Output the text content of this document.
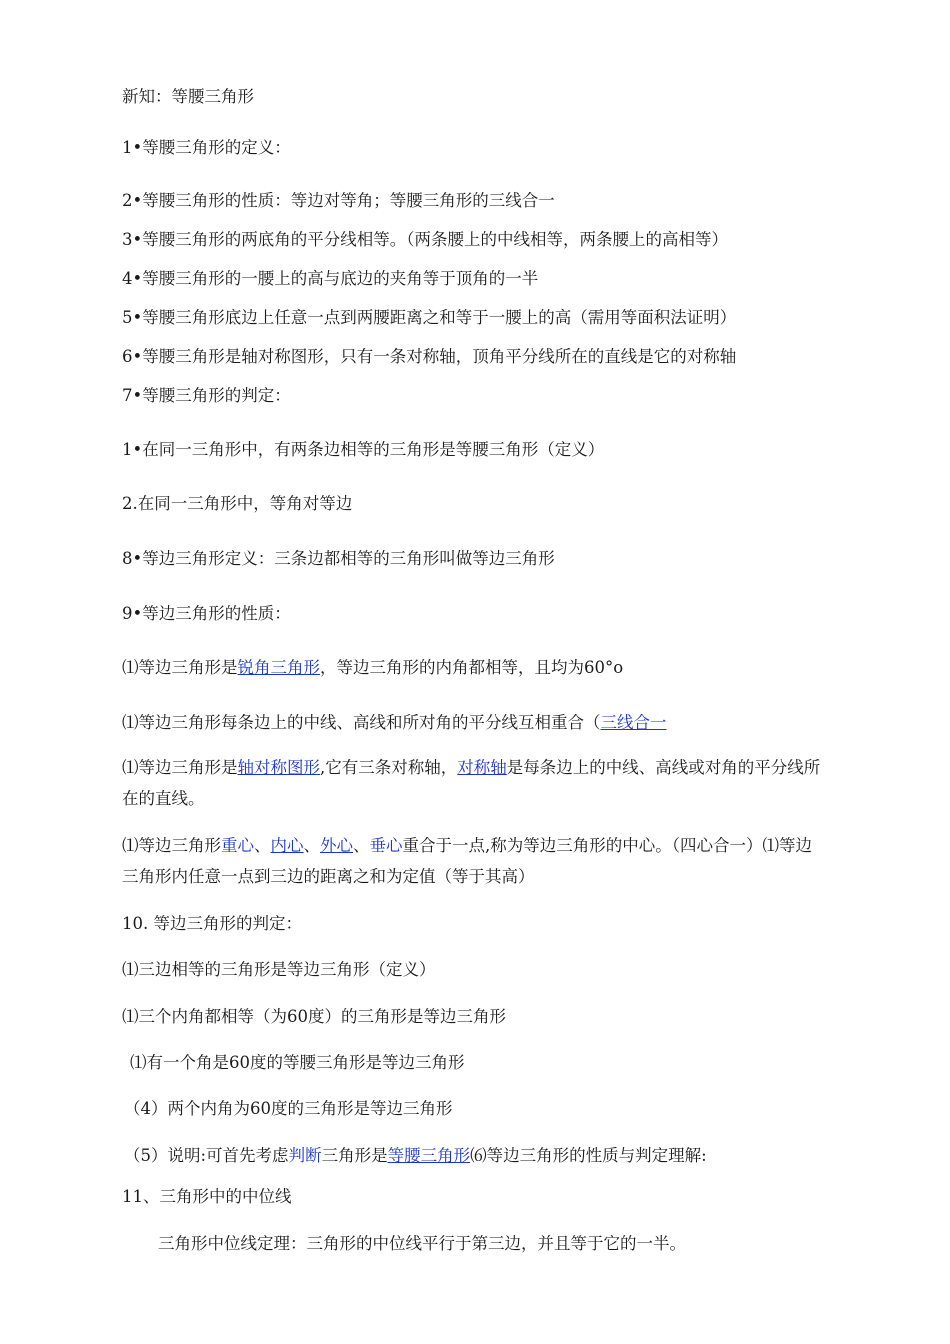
新知：等腰三角形
1•等腰三角形的定义：
2•等腰三角形的性质：等边对等角；等腰三角形的三线合一
3•等腰三角形的两底角的平分线相等。（两条腰上的中线相等，两条腰上的高相等）
4•等腰三角形的一腰上的高与底边的夹角等于顶角的一半
5•等腰三角形底边上任意一点到两腰距离之和等于一腰上的高（需用等面积法证明）
6•等腰三角形是轴对称图形，只有一条对称轴，顶角平分线所在的直线是它的对称轴
7•等腰三角形的判定：
1•在同一三角形中，有两条边相等的三角形是等腰三角形（定义）
2.在同一三角形中，等角对等边
8•等边三角形定义：三条边都相等的三角形叫做等边三角形
9•等边三角形的性质：
⑴等边三角形是锐角三角形，等边三角形的内角都相等，且均为60°o
⑴等边三角形每条边上的中线、高线和所对角的平分线互相重合（三线合一
⑴等边三角形是轴对称图形,它有三条对称轴，对称轴是每条边上的中线、高线或对角的平分线所在的直线。
⑴等边三角形重心、内心、外心、垂心重合于一点,称为等边三角形的中心。（四心合一）⑴等边三角形内任意一点到三边的距离之和为定值（等于其高）
10. 等边三角形的判定：
⑴三边相等的三角形是等边三角形（定义）
⑴三个内角都相等（为60度）的三角形是等边三角形
⑴有一个角是60度的等腰三角形是等边三角形
（4）两个内角为60度的三角形是等边三角形
（5）说明:可首先考虑判断三角形是等腰三角形⑹等边三角形的性质与判定理解:
11、三角形中的中位线
三角形中位线定理：三角形的中位线平行于第三边，并且等于它的一半。
